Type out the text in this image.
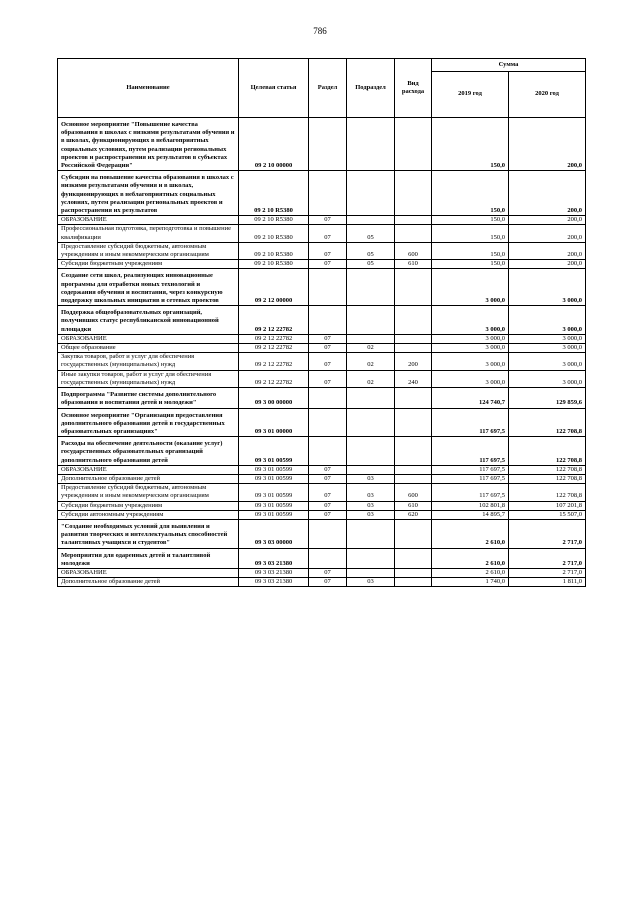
786
Наименование	Целевая статья	Раздел	Подраздел	Вид расхода	Сумма	
					2019 год	2020 год
Основное мероприятие "Повышение качества образования в школах с низкими результатами обучения и в школах, функционирующих в неблагоприятных социальных условиях, путем реализации региональных проектов и распространения их результатов в субъектах Российской Федерации"	09 2 10 00000				150,0	200,0
Субсидии на повышение качества образования в школах с низкими результатами обучения и в школах, функционирующих в неблагоприятных социальных условиях, путем реализации региональных проектов и распространения их результатов	09 2 10 R5380				150,0	200,0
ОБРАЗОВАНИЕ	09 2 10 R5380	07			150,0	200,0
Профессиональная подготовка, переподготовка и повышение квалификации	09 2 10 R5380	07	05		150,0	200,0
Предоставление субсидий бюджетным, автономным учреждениям и иным некоммерческим организациям	09 2 10 R5380	07	05	600	150,0	200,0
Субсидии бюджетным учреждениям	09 2 10 R5380	07	05	610	150,0	200,0
Создание сети школ, реализующих инновационные программы для отработки новых технологий и содержания обучения и воспитания, через конкурсную поддержку школьных инициатив и сетевых проектов	09 2 12 00000				3 000,0	3 000,0
Поддержка общеобразовательных организаций, получивших статус республиканской инновационной площадки	09 2 12 22782				3 000,0	3 000,0
ОБРАЗОВАНИЕ	09 2 12 22782	07			3 000,0	3 000,0
Общее образование	09 2 12 22782	07	02		3 000,0	3 000,0
Закупка товаров, работ и услуг для обеспечения государственных (муниципальных) нужд	09 2 12 22782	07	02	200	3 000,0	3 000,0
Иные закупки товаров, работ и услуг для обеспечения государственных (муниципальных) нужд	09 2 12 22782	07	02	240	3 000,0	3 000,0
Подпрограмма "Развитие системы дополнительного образования и воспитания детей и молодежи"	09 3 00 00000				124 740,7	129 859,6
Основное мероприятие "Организация предоставления дополнительного образования детей в государственных образовательных организациях"	09 3 01 00000				117 697,5	122 708,8
Расходы на обеспечение деятельности (оказание услуг) государственных образовательных организаций дополнительного образования детей	09 3 01 00599				117 697,5	122 708,8
ОБРАЗОВАНИЕ	09 3 01 00599	07			117 697,5	122 708,8
Дополнительное образование детей	09 3 01 00599	07	03		117 697,5	122 708,8
Предоставление субсидий бюджетным, автономным учреждениям и иным некоммерческим организациям	09 3 01 00599	07	03	600	117 697,5	122 708,8
Субсидии бюджетным учреждениям	09 3 01 00599	07	03	610	102 801,8	107 201,8
Субсидии автономным учреждениям	09 3 01 00599	07	03	620	14 895,7	15 507,0
"Создание необходимых условий для выявления и развития творческих и интеллектуальных способностей талантливых учащихся и студентов"	09 3 03 00000				2 610,0	2 717,0
Мероприятия для одаренных детей и талантливой молодежи	09 3 03 21380				2 610,0	2 717,0
ОБРАЗОВАНИЕ	09 3 03 21380	07			2 610,0	2 717,0
Дополнительное образование детей	09 3 03 21380	07	03		1 740,0	1 811,0
